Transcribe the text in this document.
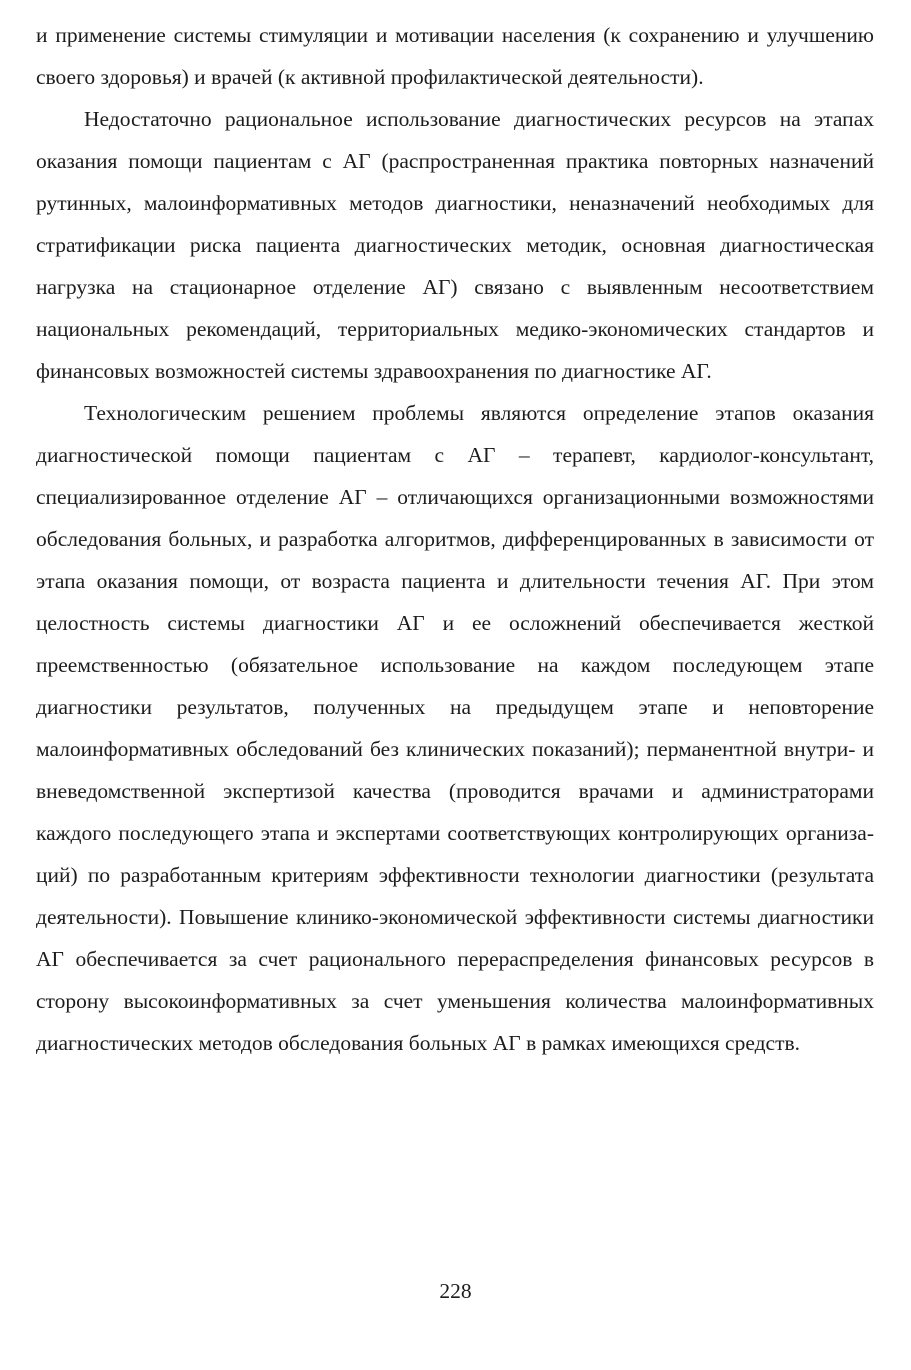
и применение системы стимуляции и мотивации населения (к сохранению и улучшению своего здоровья) и врачей (к активной профилактической деятельности).

Недостаточно рациональное использование диагностических ресурсов на этапах оказания помощи пациентам с АГ (распространенная практика повторных назначений рутинных, малоинформативных методов диагностики, неназначений необходимых для стратификации риска пациента диагностических методик, основная диагностическая нагрузка на стационарное отделение АГ) связано с выявленным несоответствием национальных рекомендаций, территориальных медико-экономических стандартов и финансовых возможностей системы здравоохранения по диагностике АГ.

Технологическим решением проблемы являются определение этапов оказания диагностической помощи пациентам с АГ – терапевт, кардиолог-консультант, специализированное отделение АГ – отличающихся организационными возможностями обследования больных, и разработка алгоритмов, дифференцированных в зависимости от этапа оказания помощи, от возраста пациента и длительности течения АГ. При этом целостность системы диагностики АГ и ее осложнений обеспечивается жесткой преемственностью (обязательное использование на каждом последующем этапе диагностики результатов, полученных на предыдущем этапе и неповторение малоинформативных обследований без клинических показаний); перманентной внутри- и вневедомственной экспертизой качества (проводится врачами и администраторами каждого последующего этапа и экспертами соответствующих контролирующих организаций) по разработанным критериям эффективности технологии диагностики (результата деятельности). Повышение клинико-экономической эффективности системы диагностики АГ обеспечивается за счет рационального перераспределения финансовых ресурсов в сторону высокоинформативных за счет уменьшения количества малоинформативных диагностических методов обследования больных АГ в рамках имеющихся средств.

228
